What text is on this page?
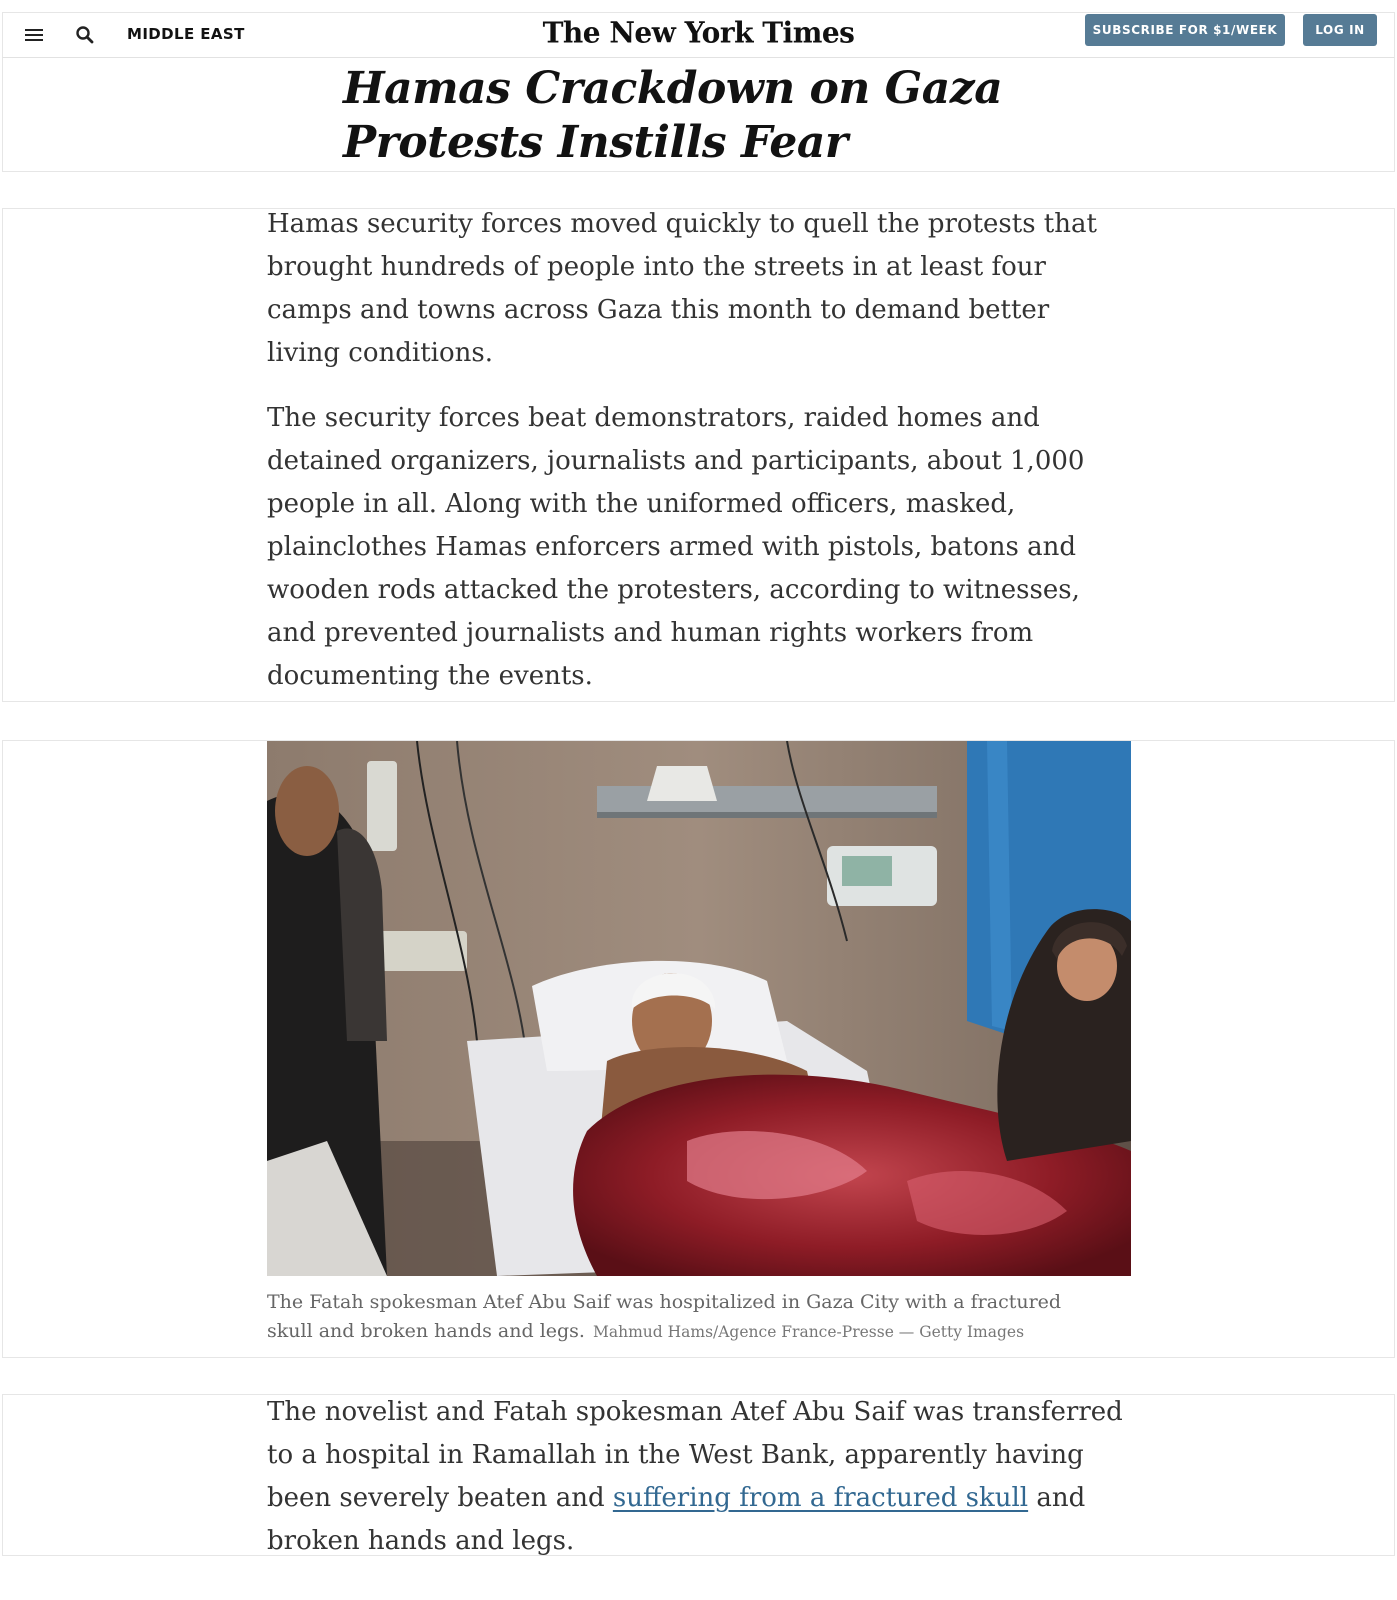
MIDDLE EAST	The New York Times	SUBSCRIBE FOR $1/WEEK	LOG IN
Hamas Crackdown on Gaza Protests Instills Fear

Hamas security forces moved quickly to quell the protests that brought hundreds of people into the streets in at least four camps and towns across Gaza this month to demand better living conditions.

The security forces beat demonstrators, raided homes and detained organizers, journalists and participants, about 1,000 people in all. Along with the uniformed officers, masked, plainclothes Hamas enforcers armed with pistols, batons and wooden rods attacked the protesters, according to witnesses, and prevented journalists and human rights workers from documenting the events.

The Fatah spokesman Atef Abu Saif was hospitalized in Gaza City with a fractured skull and broken hands and legs. Mahmud Hams/Agence France-Presse — Getty Images

The novelist and Fatah spokesman Atef Abu Saif was transferred to a hospital in Ramallah in the West Bank, apparently having been severely beaten and suffering from a fractured skull and broken hands and legs.
